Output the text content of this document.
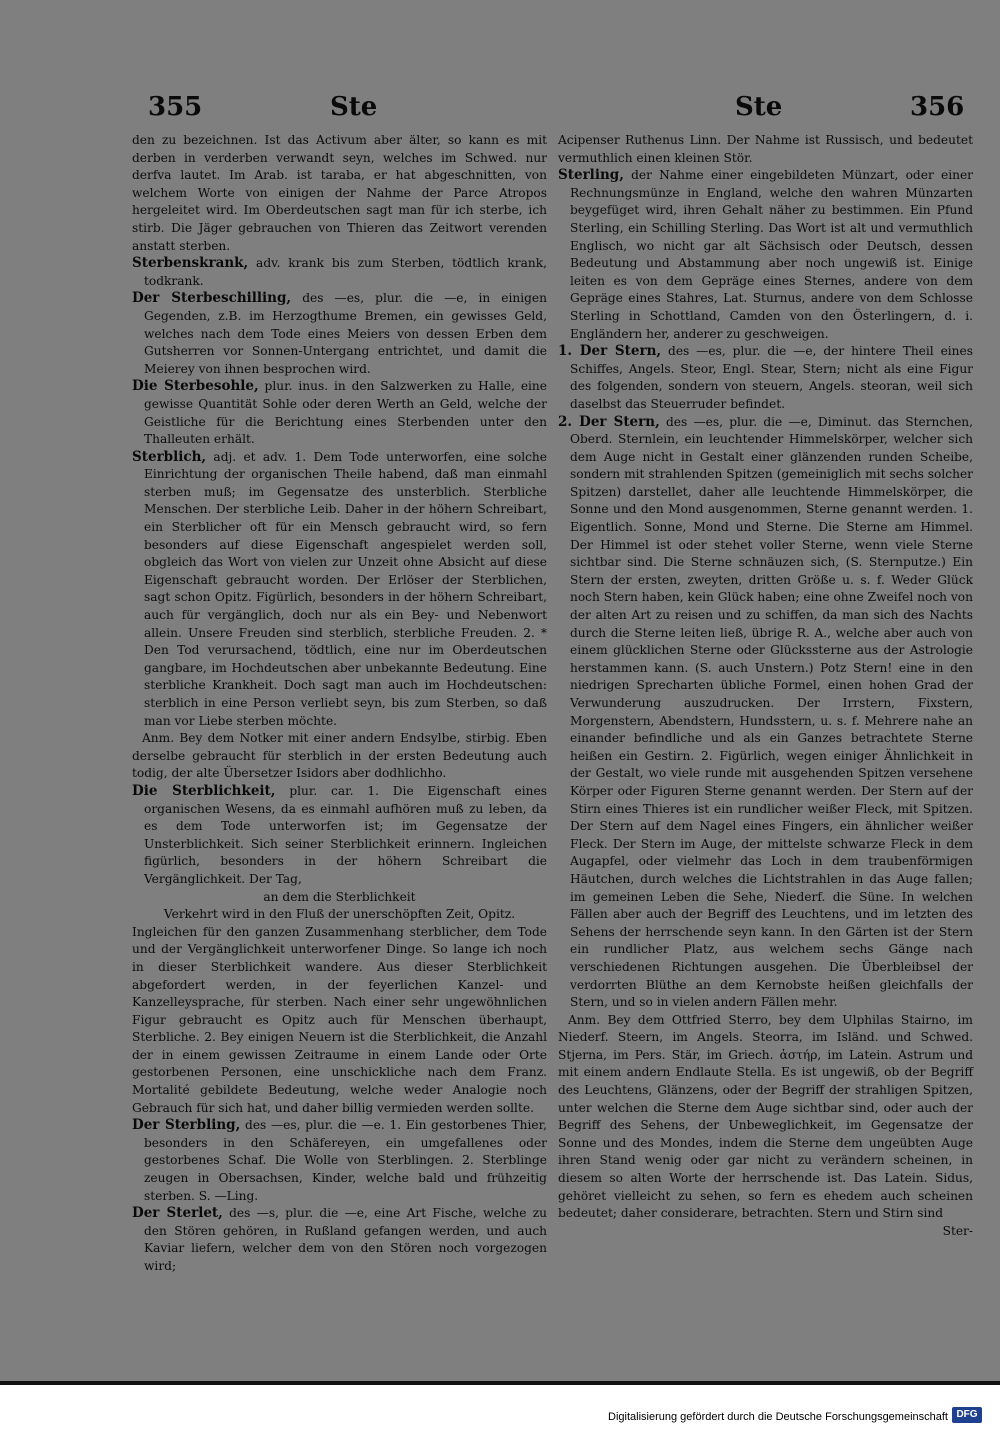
355	Ste	Ste	356

den zu bezeichnen. Ist das Activum aber älter, so kann es mit derben in verderben verwandt seyn, welches im Schwed. nur derfva lautet. Im Arab. ist taraba, er hat abgeschnitten, von welchem Worte von einigen der Nahme der Parce Atropos hergeleitet wird. Im Oberdeutschen sagt man für ich sterbe, ich stirb. Die Jäger gebrauchen von Thieren das Zeitwort verenden anstatt sterben.

Sterbenskrank, adv. krank bis zum Sterben, tödtlich krank, todkrank.

Der Sterbeschilling, des —es, plur. die —e, in einigen Gegenden, z.B. im Herzogthume Bremen, ein gewisses Geld, welches nach dem Tode eines Meiers von dessen Erben dem Gutsherren vor Sonnen-Untergang entrichtet, und damit die Meierey von ihnen besprochen wird.

Die Sterbesohle, plur. inus. in den Salzwerken zu Halle, eine gewisse Quantität Sohle oder deren Werth an Geld, welche der Geistliche für die Berichtung eines Sterbenden unter den Thalleuten erhält.

Sterblich, adj. et adv. 1. Dem Tode unterworfen, eine solche Einrichtung der organischen Theile habend, daß man einmahl sterben muß; im Gegensatze des unsterblich. Sterbliche Menschen. Der sterbliche Leib. Daher in der höhern Schreibart, ein Sterblicher oft für ein Mensch gebraucht wird, so fern besonders auf diese Eigenschaft angespielet werden soll, obgleich das Wort von vielen zur Unzeit ohne Absicht auf diese Eigenschaft gebraucht worden. Der Erlöser der Sterblichen, sagt schon Opitz. Figürlich, besonders in der höhern Schreibart, auch für vergänglich, doch nur als ein Bey- und Nebenwort allein. Unsere Freuden sind sterblich, sterbliche Freuden. 2. * Den Tod verursachend, tödtlich, eine nur im Oberdeutschen gangbare, im Hochdeutschen aber unbekannte Bedeutung. Eine sterbliche Krankheit. Doch sagt man auch im Hochdeutschen: sterblich in eine Person verliebt seyn, bis zum Sterben, so daß man vor Liebe sterben möchte.

Anm. Bey dem Notker mit einer andern Endsylbe, stirbig. Eben derselbe gebraucht für sterblich in der ersten Bedeutung auch todig, der alte Übersetzer Isidors aber dodhlichho.

Die Sterblichkeit, plur. car. 1. Die Eigenschaft eines organischen Wesens, da es einmahl aufhören muß zu leben, da es dem Tode unterworfen ist; im Gegensatze der Unsterblichkeit. Sich seiner Sterblichkeit erinnern. Ingleichen figürlich, besonders in der höhern Schreibart die Vergänglichkeit. Der Tag,

an dem die Sterblichkeit

Verkehrt wird in den Fluß der unerschöpften Zeit, Opitz.

Ingleichen für den ganzen Zusammenhang sterblicher, dem Tode und der Vergänglichkeit unterworfener Dinge. So lange ich noch in dieser Sterblichkeit wandere. Aus dieser Sterblichkeit abgefordert werden, in der feyerlichen Kanzel- und Kanzelleysprache, für sterben. Nach einer sehr ungewöhnlichen Figur gebraucht es Opitz auch für Menschen überhaupt, Sterbliche. 2. Bey einigen Neuern ist die Sterblichkeit, die Anzahl der in einem gewissen Zeitraume in einem Lande oder Orte gestorbenen Personen, eine unschickliche nach dem Franz. Mortalité gebildete Bedeutung, welche weder Analogie noch Gebrauch für sich hat, und daher billig vermieden werden sollte.

Der Sterbling, des —es, plur. die —e. 1. Ein gestorbenes Thier, besonders in den Schäfereyen, ein umgefallenes oder gestorbenes Schaf. Die Wolle von Sterblingen. 2. Sterblinge zeugen in Obersachsen, Kinder, welche bald und frühzeitig sterben. S. —Ling.

Der Sterlet, des —s, plur. die —e, eine Art Fische, welche zu den Stören gehören, in Rußland gefangen werden, und auch Kaviar liefern, welcher dem von den Stören noch vorgezogen wird;

Acipenser Ruthenus Linn. Der Nahme ist Russisch, und bedeutet vermuthlich einen kleinen Stör.

Sterling, der Nahme einer eingebildeten Münzart, oder einer Rechnungsmünze in England, welche den wahren Münzarten beygefüget wird, ihren Gehalt näher zu bestimmen. Ein Pfund Sterling, ein Schilling Sterling. Das Wort ist alt und vermuthlich Englisch, wo nicht gar alt Sächsisch oder Deutsch, dessen Bedeutung und Abstammung aber noch ungewiß ist. Einige leiten es von dem Gepräge eines Sternes, andere von dem Gepräge eines Stahres, Lat. Sturnus, andere von dem Schlosse Sterling in Schottland, Camden von den Österlingern, d. i. Engländern her, anderer zu geschweigen.

1. Der Stern, des —es, plur. die —e, der hintere Theil eines Schiffes, Angels. Steor, Engl. Stear, Stern; nicht als eine Figur des folgenden, sondern von steuern, Angels. steoran, weil sich daselbst das Steuerruder befindet.

2. Der Stern, des —es, plur. die —e, Diminut. das Sternchen, Oberd. Sternlein, ein leuchtender Himmelskörper, welcher sich dem Auge nicht in Gestalt einer glänzenden runden Scheibe, sondern mit strahlenden Spitzen (gemeiniglich mit sechs solcher Spitzen) darstellet, daher alle leuchtende Himmelskörper, die Sonne und den Mond ausgenommen, Sterne genannt werden. 1. Eigentlich. Sonne, Mond und Sterne. Die Sterne am Himmel. Der Himmel ist oder stehet voller Sterne, wenn viele Sterne sichtbar sind. Die Sterne schnäuzen sich, (S. Sternputze.) Ein Stern der ersten, zweyten, dritten Größe u. s. f. Weder Glück noch Stern haben, kein Glück haben; eine ohne Zweifel noch von der alten Art zu reisen und zu schiffen, da man sich des Nachts durch die Sterne leiten ließ, übrige R. A., welche aber auch von einem glücklichen Sterne oder Glückssterne aus der Astrologie herstammen kann. (S. auch Unstern.) Potz Stern! eine in den niedrigen Sprecharten übliche Formel, einen hohen Grad der Verwunderung auszudrucken. Der Irrstern, Fixstern, Morgenstern, Abendstern, Hundsstern, u. s. f. Mehrere nahe an einander befindliche und als ein Ganzes betrachtete Sterne heißen ein Gestirn. 2. Figürlich, wegen einiger Ähnlichkeit in der Gestalt, wo viele runde mit ausgehenden Spitzen versehene Körper oder Figuren Sterne genannt werden. Der Stern auf der Stirn eines Thieres ist ein rundlicher weißer Fleck, mit Spitzen. Der Stern auf dem Nagel eines Fingers, ein ähnlicher weißer Fleck. Der Stern im Auge, der mittelste schwarze Fleck in dem Augapfel, oder vielmehr das Loch in dem traubenförmigen Häutchen, durch welches die Lichtstrahlen in das Auge fallen; im gemeinen Leben die Sehe, Niederf. die Süne. In welchen Fällen aber auch der Begriff des Leuchtens, und im letzten des Sehens der herrschende seyn kann. In den Gärten ist der Stern ein rundlicher Platz, aus welchem sechs Gänge nach verschiedenen Richtungen ausgehen. Die Überbleibsel der verdorrten Blüthe an dem Kernobste heißen gleichfalls der Stern, und so in vielen andern Fällen mehr.

Anm. Bey dem Ottfried Sterro, bey dem Ulphilas Stairno, im Niederf. Steern, im Angels. Steorra, im Isländ. und Schwed. Stjerna, im Pers. Stär, im Griech. ἀστήρ, im Latein. Astrum und mit einem andern Endlaute Stella. Es ist ungewiß, ob der Begriff des Leuchtens, Glänzens, oder der Begriff der strahligen Spitzen, unter welchen die Sterne dem Auge sichtbar sind, oder auch der Begriff des Sehens, der Unbeweglichkeit, im Gegensatze der Sonne und des Mondes, indem die Sterne dem ungeübten Auge ihren Stand wenig oder gar nicht zu verändern scheinen, in diesem so alten Worte der herrschende ist. Das Latein. Sidus, gehöret vielleicht zu sehen, so fern es ehedem auch scheinen bedeutet; daher considerare, betrachten. Stern und Stirn sind

Ster-

Digitalisierung gefördert durch die Deutsche Forschungsgemeinschaft DFG
